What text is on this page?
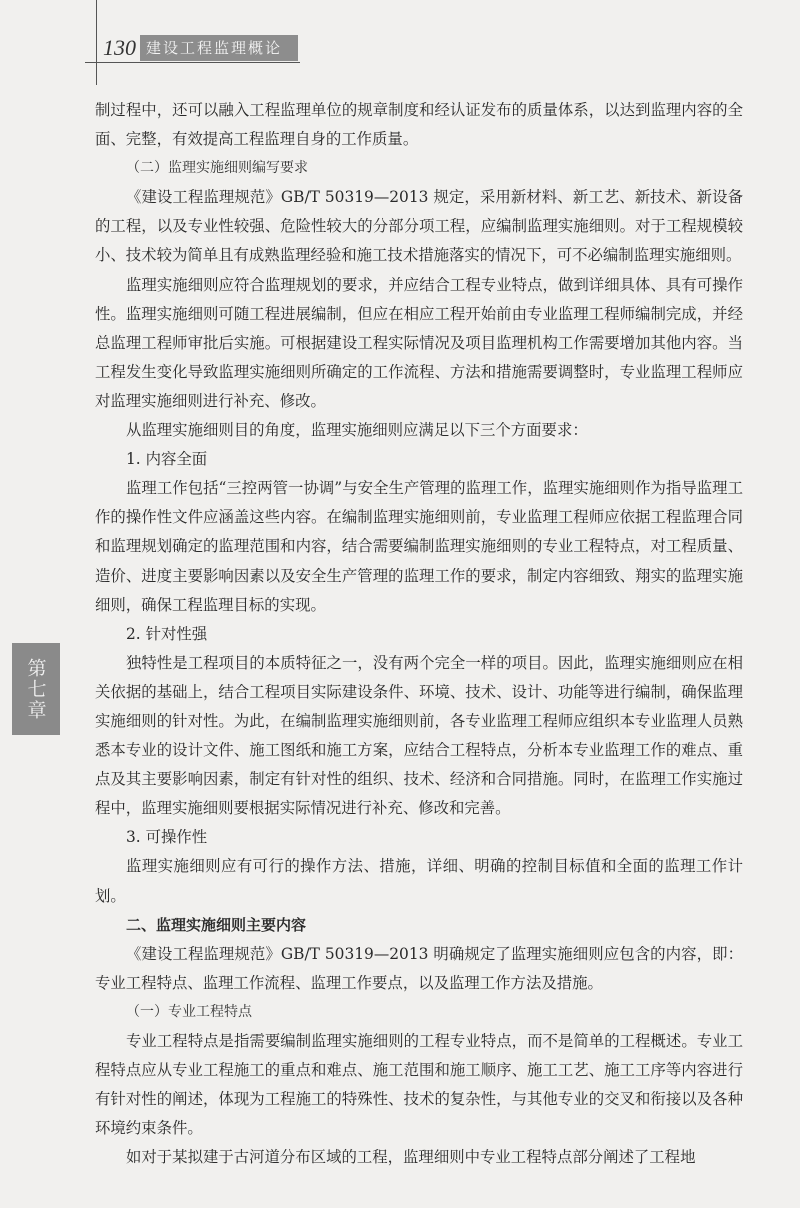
130 建设工程监理概论
第七章

制过程中，还可以融入工程监理单位的规章制度和经认证发布的质量体系，以达到监理内容的全面、完整，有效提高工程监理自身的工作质量。

（二）监理实施细则编写要求

《建设工程监理规范》GB/T 50319—2013 规定，采用新材料、新工艺、新技术、新设备的工程，以及专业性较强、危险性较大的分部分项工程，应编制监理实施细则。对于工程规模较小、技术较为简单且有成熟监理经验和施工技术措施落实的情况下，可不必编制监理实施细则。

监理实施细则应符合监理规划的要求，并应结合工程专业特点，做到详细具体、具有可操作性。监理实施细则可随工程进展编制，但应在相应工程开始前由专业监理工程师编制完成，并经总监理工程师审批后实施。可根据建设工程实际情况及项目监理机构工作需要增加其他内容。当工程发生变化导致监理实施细则所确定的工作流程、方法和措施需要调整时，专业监理工程师应对监理实施细则进行补充、修改。

从监理实施细则目的角度，监理实施细则应满足以下三个方面要求：

1. 内容全面

监理工作包括“三控两管一协调”与安全生产管理的监理工作，监理实施细则作为指导监理工作的操作性文件应涵盖这些内容。在编制监理实施细则前，专业监理工程师应依据工程监理合同和监理规划确定的监理范围和内容，结合需要编制监理实施细则的专业工程特点，对工程质量、造价、进度主要影响因素以及安全生产管理的监理工作的要求，制定内容细致、翔实的监理实施细则，确保工程监理目标的实现。

2. 针对性强

独特性是工程项目的本质特征之一，没有两个完全一样的项目。因此，监理实施细则应在相关依据的基础上，结合工程项目实际建设条件、环境、技术、设计、功能等进行编制，确保监理实施细则的针对性。为此，在编制监理实施细则前，各专业监理工程师应组织本专业监理人员熟悉本专业的设计文件、施工图纸和施工方案，应结合工程特点，分析本专业监理工作的难点、重点及其主要影响因素，制定有针对性的组织、技术、经济和合同措施。同时，在监理工作实施过程中，监理实施细则要根据实际情况进行补充、修改和完善。

3. 可操作性

监理实施细则应有可行的操作方法、措施，详细、明确的控制目标值和全面的监理工作计划。

二、监理实施细则主要内容

《建设工程监理规范》GB/T 50319—2013 明确规定了监理实施细则应包含的内容，即：专业工程特点、监理工作流程、监理工作要点，以及监理工作方法及措施。

（一）专业工程特点

专业工程特点是指需要编制监理实施细则的工程专业特点，而不是简单的工程概述。专业工程特点应从专业工程施工的重点和难点、施工范围和施工顺序、施工工艺、施工工序等内容进行有针对性的阐述，体现为工程施工的特殊性、技术的复杂性，与其他专业的交叉和衔接以及各种环境约束条件。

如对于某拟建于古河道分布区域的工程，监理细则中专业工程特点部分阐述了工程地
